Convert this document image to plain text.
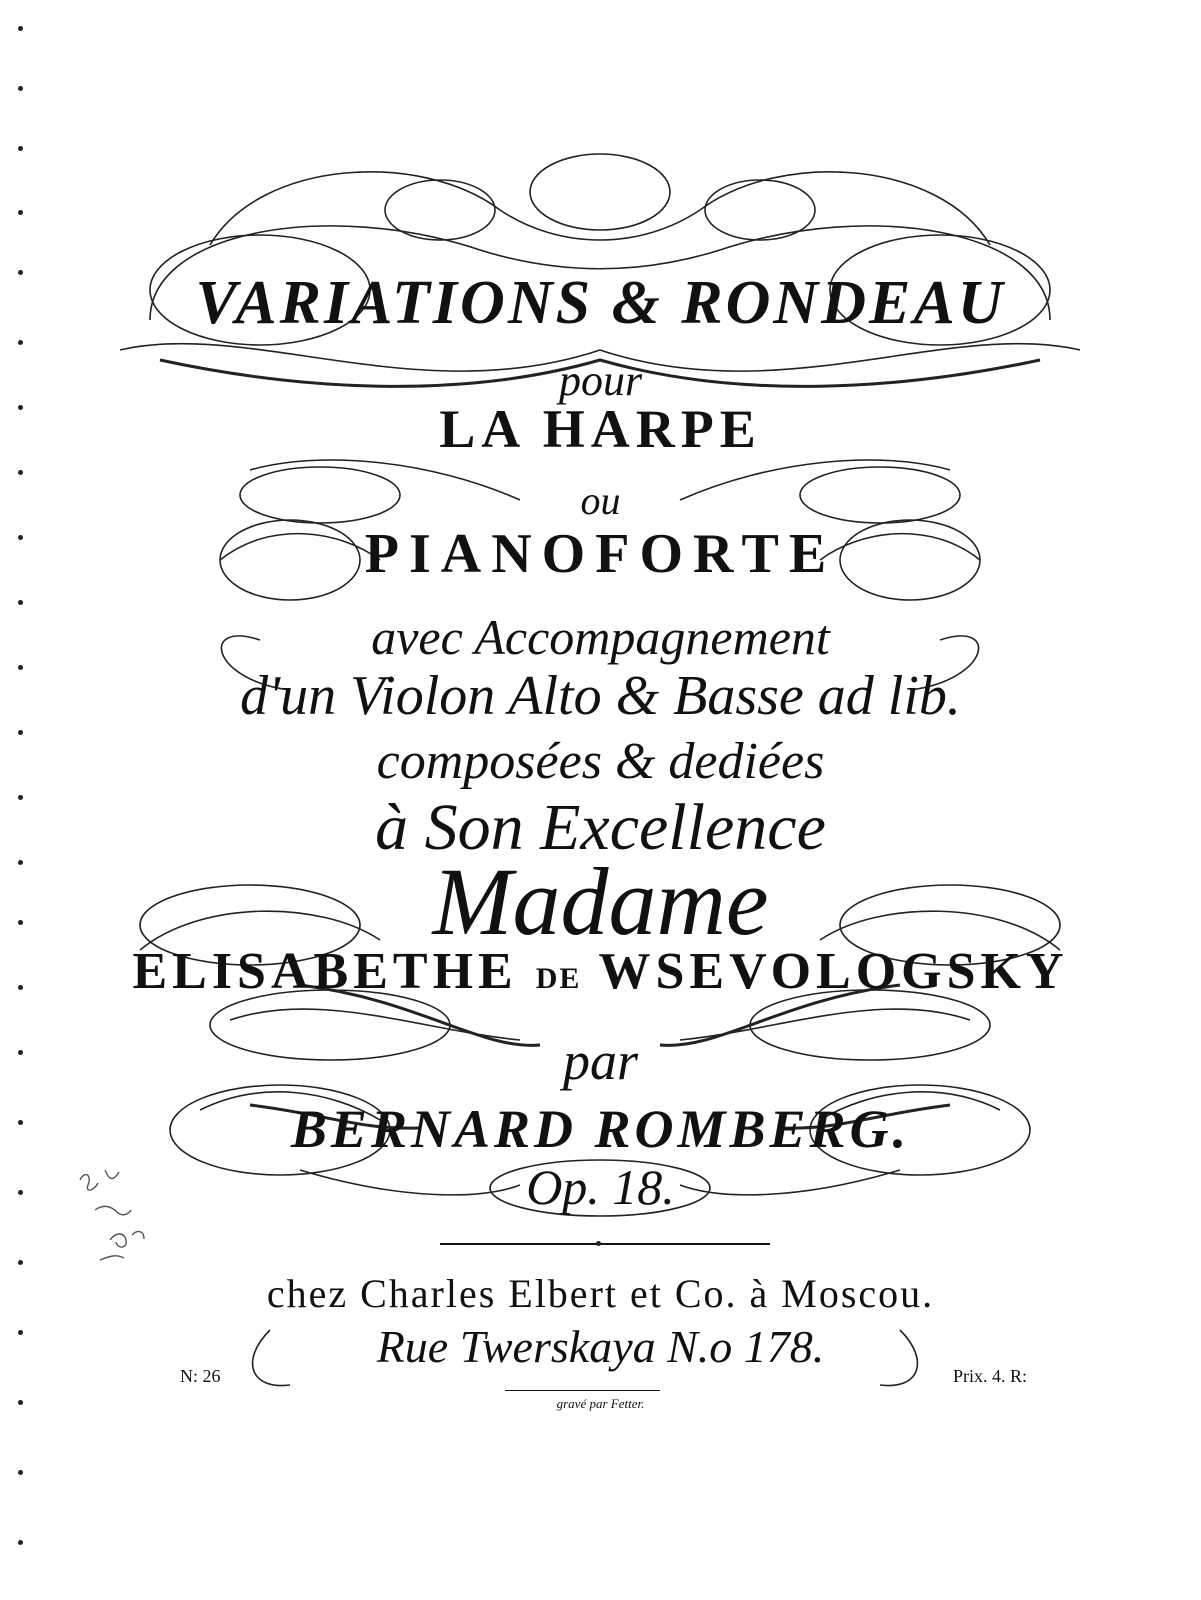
VARIATIONS & RONDEAU
pour
LA HARPE
ou
PIANOFORTE
avec Accompagnement
d'un Violon Alto & Basse ad lib.
composées & dediées
à Son Excellence
Madame
ELISABETHE DE WSEVOLOGSKY
par
BERNARD ROMBERG.
Op. 18.
chez Charles Elbert et Co. à Moscou.
Rue Twerskaya N.o 178.
N: 26	Prix. 4. R:
gravé par Fetter.
